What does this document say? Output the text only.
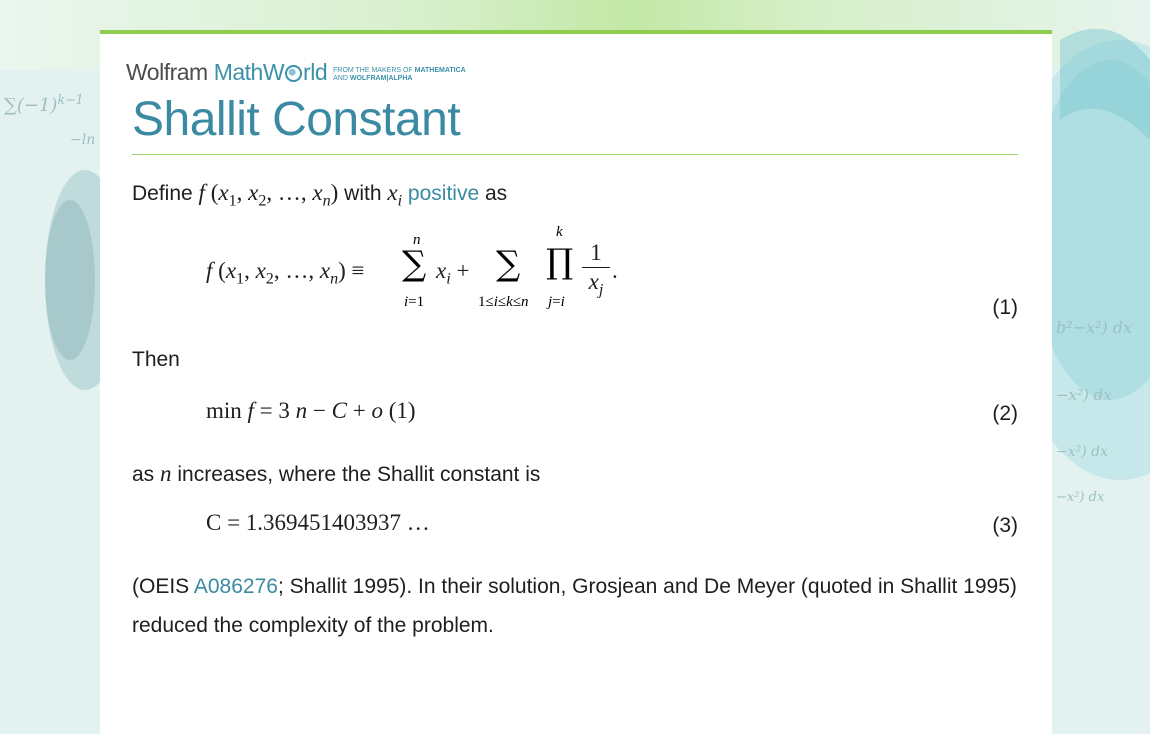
$\sum(-1)^{k-1}$
−ln
b²−x²) dx
−x²) dx
−x²) dx
−x²) dx
Wolfram MathW rld FROM THE MAKERS OF MATHEMATICA
AND WOLFRAM|ALPHA
Shallit Constant
Define f ($x_1$, $x_2$, …, $x_n$) with $x_i$ positive as
f ($x_1$, $x_2$, …, $x_n$) ≡
n
∑
i=1
$x_i$ + ∑
1≤i≤k≤n
k
∏
j=i
1
$x_j$
.
(1)
Then
min f = 3 n − C + o (1)	(2)
as n increases, where the Shallit constant is
C = 1.369451403937 …	(3)
(OEIS A086276; Shallit 1995). In their solution, Grosjean and De Meyer (quoted in Shallit 1995) reduced the complexity of the problem.
